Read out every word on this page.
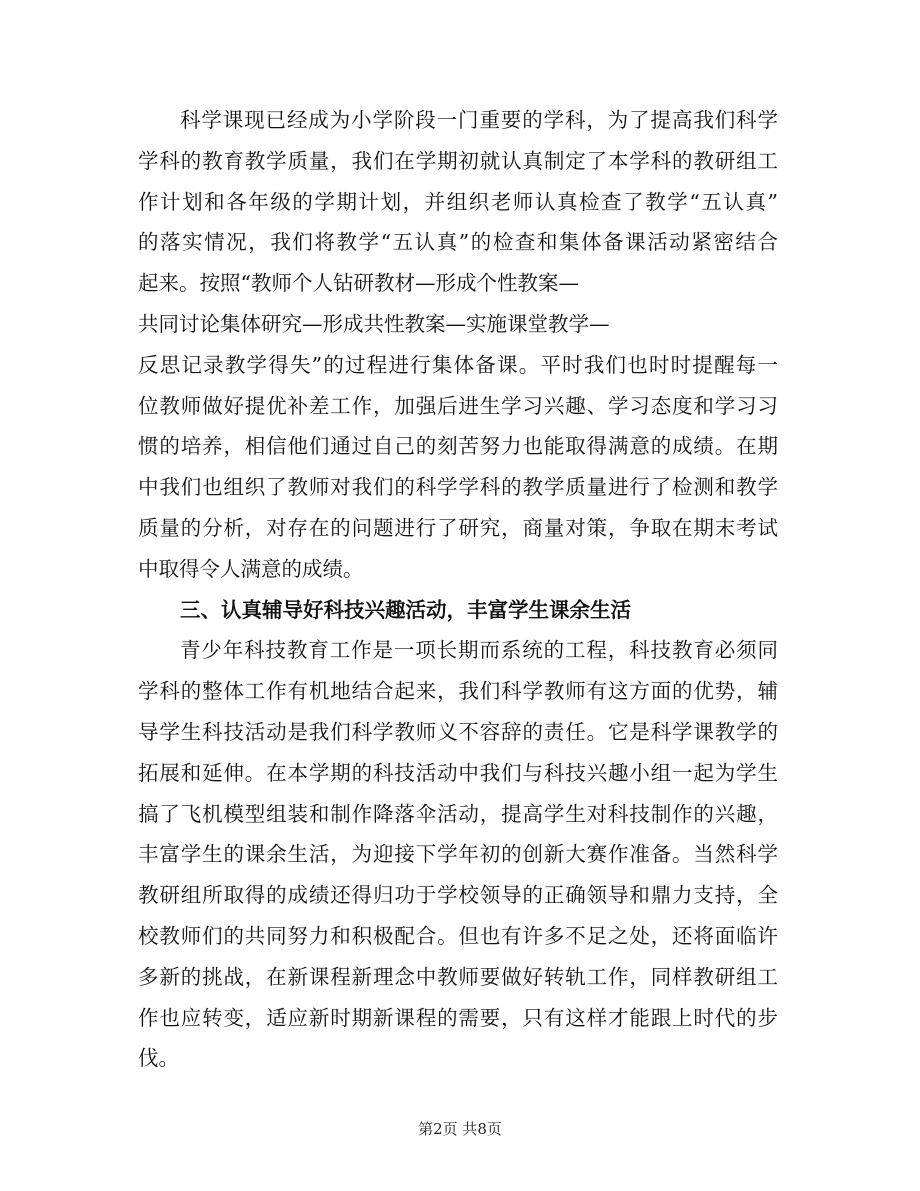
科学课现已经成为小学阶段一门重要的学科，为了提高我们科学
学科的教育教学质量，我们在学期初就认真制定了本学科的教研组工
作计划和各年级的学期计划，并组织老师认真检查了教学“五认真”
的落实情况，我们将教学“五认真”的检查和集体备课活动紧密结合
起来。按照“教师个人钻研教材—形成个性教案—
共同讨论集体研究—形成共性教案—实施课堂教学—
反思记录教学得失”的过程进行集体备课。平时我们也时时提醒每一
位教师做好提优补差工作，加强后进生学习兴趣、学习态度和学习习
惯的培养，相信他们通过自己的刻苦努力也能取得满意的成绩。在期
中我们也组织了教师对我们的科学学科的教学质量进行了检测和教学
质量的分析，对存在的问题进行了研究，商量对策，争取在期末考试
中取得令人满意的成绩。
三、认真辅导好科技兴趣活动，丰富学生课余生活
青少年科技教育工作是一项长期而系统的工程，科技教育必须同
学科的整体工作有机地结合起来，我们科学教师有这方面的优势，辅
导学生科技活动是我们科学教师义不容辞的责任。它是科学课教学的
拓展和延伸。在本学期的科技活动中我们与科技兴趣小组一起为学生
搞了飞机模型组装和制作降落伞活动，提高学生对科技制作的兴趣，
丰富学生的课余生活，为迎接下学年初的创新大赛作准备。当然科学
教研组所取得的成绩还得归功于学校领导的正确领导和鼎力支持，全
校教师们的共同努力和积极配合。但也有许多不足之处，还将面临许
多新的挑战，在新课程新理念中教师要做好转轨工作，同样教研组工
作也应转变，适应新时期新课程的需要，只有这样才能跟上时代的步
伐。
第2页 共8页
